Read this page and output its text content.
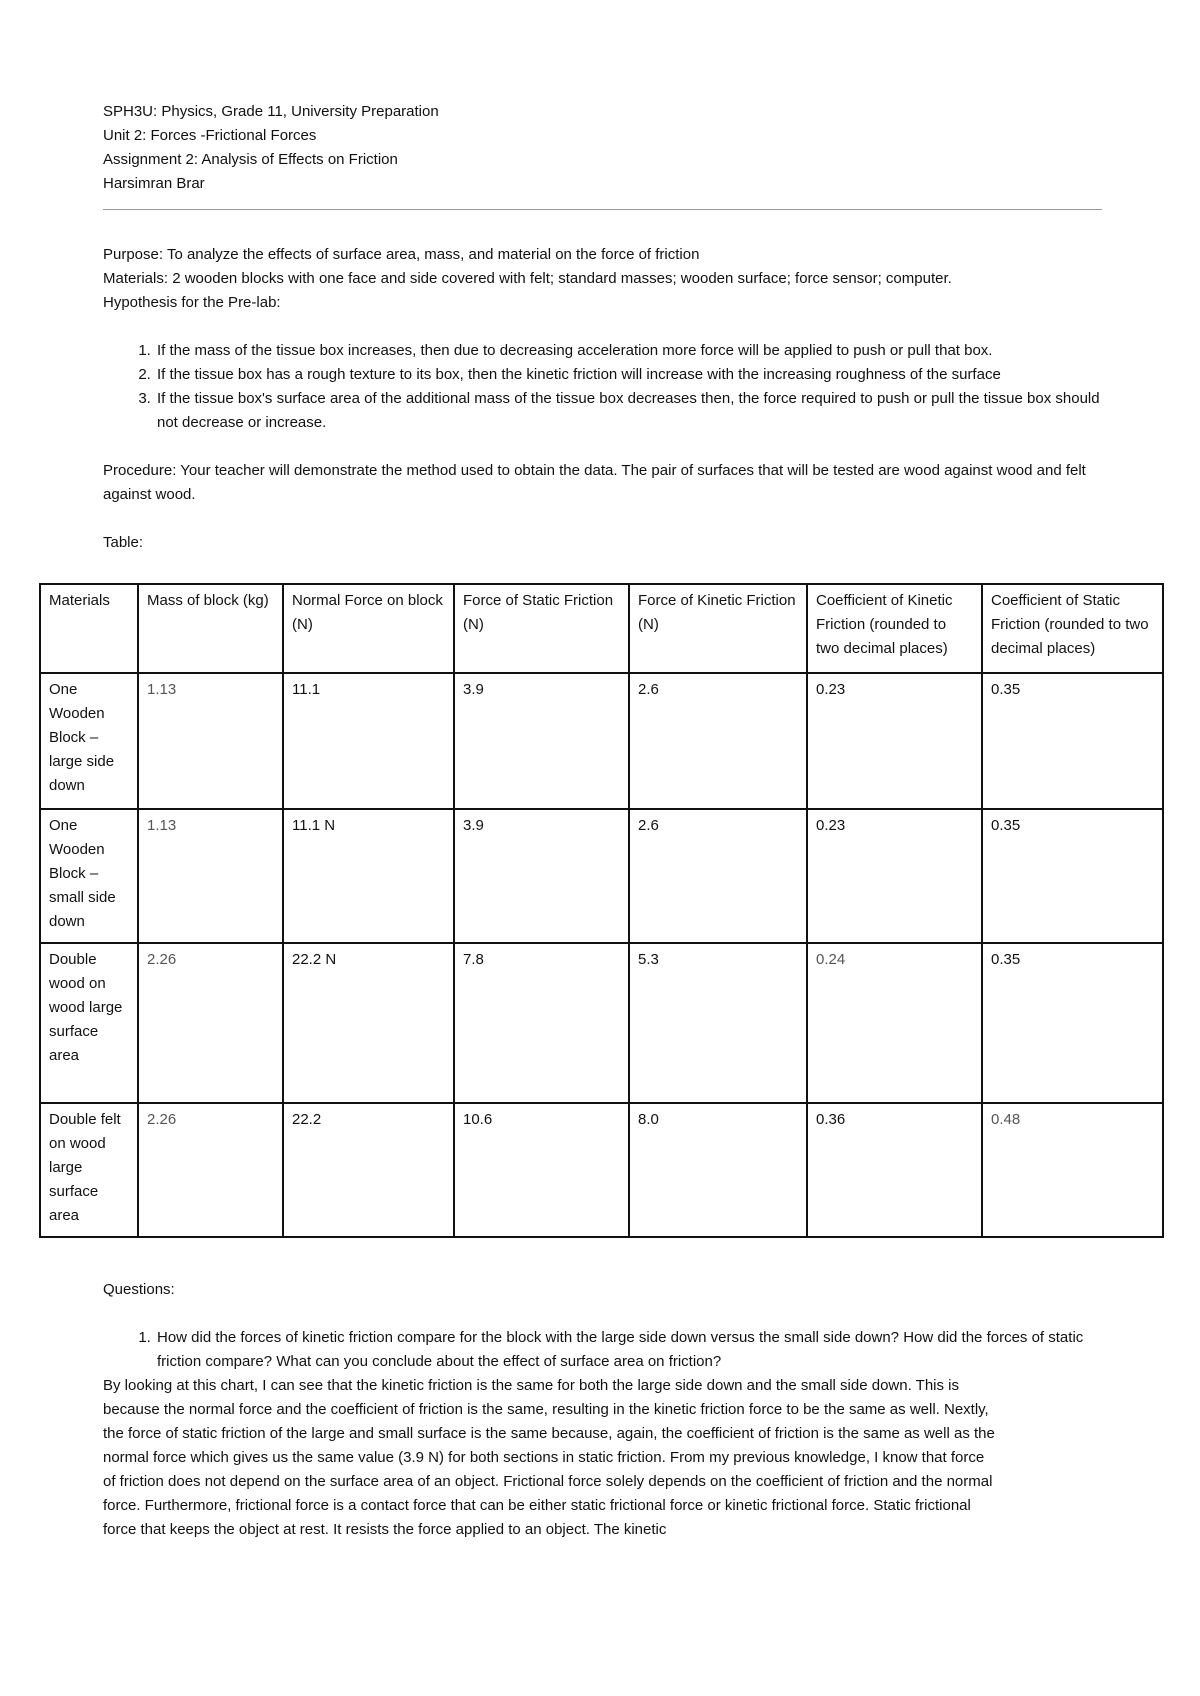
SPH3U: Physics, Grade 11, University Preparation
Unit 2: Forces -Frictional Forces
Assignment 2: Analysis of Effects on Friction
Harsimran Brar

Purpose: To analyze the effects of surface area, mass, and material on the force of friction

Materials: 2 wooden blocks with one face and side covered with felt; standard masses; wooden surface; force sensor; computer.

Hypothesis for the Pre-lab:

1. If the mass of the tissue box increases, then due to decreasing acceleration more force will be applied to push or pull that box.
2. If the tissue box has a rough texture to its box, then the kinetic friction will increase with the increasing roughness of the surface
3. If the tissue box's surface area of the additional mass of the tissue box decreases then, the force required to push or pull the tissue box should not decrease or increase.

Procedure: Your teacher will demonstrate the method used to obtain the data. The pair of surfaces that will be tested are wood against wood and felt against wood.

Table:

Materials	Mass of block (kg)	Normal Force on block (N)	Force of Static Friction (N)	Force of Kinetic Friction (N)	Coefficient of Kinetic Friction (rounded to two decimal places)	Coefficient of Static Friction (rounded to two decimal places)
One Wooden Block – large side down	1.13	11.1	3.9	2.6	0.23	0.35
One Wooden Block – small side down	1.13	11.1 N	3.9	2.6	0.23	0.35
Double wood on wood large surface area	2.26	22.2 N	7.8	5.3	0.24	0.35
Double felt on wood large surface area	2.26	22.2	10.6	8.0	0.36	0.48

Questions:

1. How did the forces of kinetic friction compare for the block with the large side down versus the small side down? How did the forces of static friction compare? What can you conclude about the effect of surface area on friction?

By looking at this chart, I can see that the kinetic friction is the same for both the large side down and the small side down. This is because the normal force and the coefficient of friction is the same, resulting in the kinetic friction force to be the same as well. Nextly, the force of static friction of the large and small surface is the same because, again, the coefficient of friction is the same as well as the normal force which gives us the same value (3.9 N) for both sections in static friction. From my previous knowledge, I know that force of friction does not depend on the surface area of an object. Frictional force solely depends on the coefficient of friction and the normal force. Furthermore, frictional force is a contact force that can be either static frictional force or kinetic frictional force. Static frictional force that keeps the object at rest. It resists the force applied to an object. The kinetic
